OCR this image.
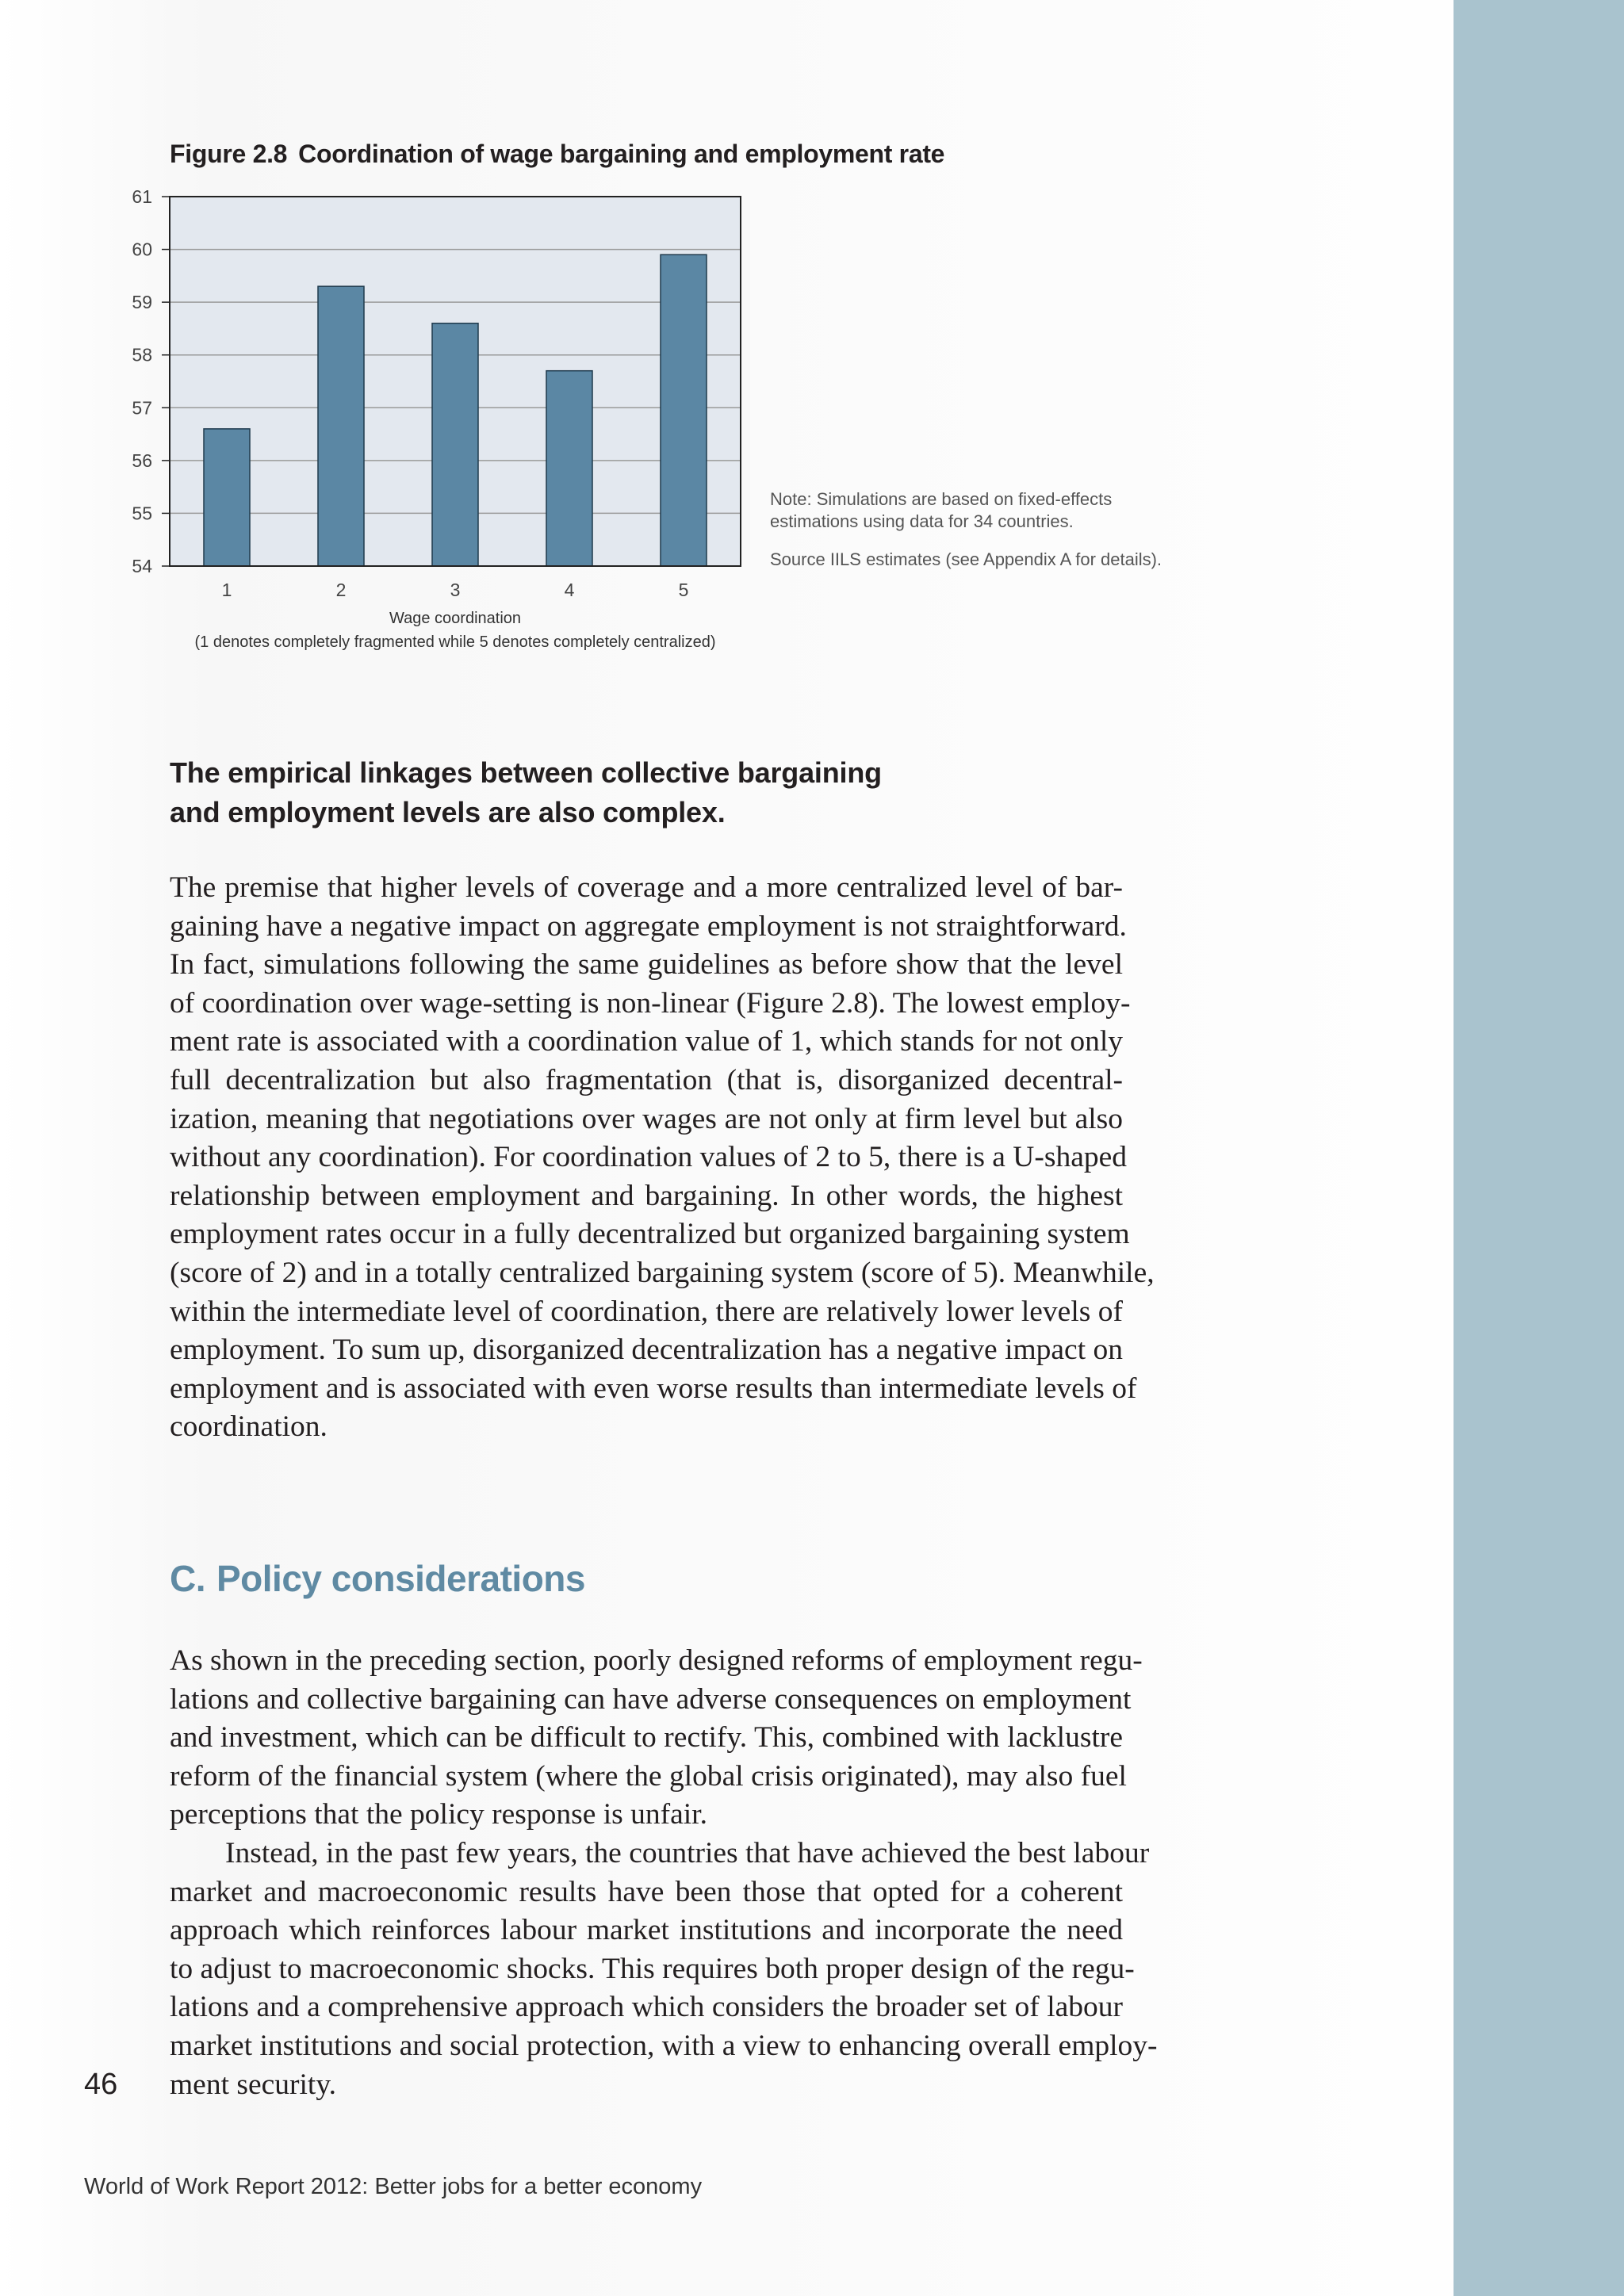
Figure 2.8 Coordination of wage bargaining and employment rate
54
55
56
57
58
59
60
61
1	2	3	4	5
Wage coordination
(1 denotes completely fragmented while 5 denotes completely centralized)

Note: Simulations are based on fixed-effects estimations using data for 34 countries.

Source IILS estimates (see Appendix A for details).

The empirical linkages between collective bargaining
and employment levels are also complex.

The premise that higher levels of coverage and a more centralized level of bar-
gaining have a negative impact on aggregate employment is not straightforward.
In fact, simulations following the same guidelines as before show that the level
of coordination over wage-setting is non-linear (Figure 2.8). The lowest employ-
ment rate is associated with a coordination value of 1, which stands for not only
full decentralization but also fragmentation (that is, disorganized decentral-
ization, meaning that negotiations over wages are not only at firm level but also
without any coordination). For coordination values of 2 to 5, there is a U-shaped
relationship between employment and bargaining. In other words, the highest
employment rates occur in a fully decentralized but organized bargaining system
(score of 2) and in a totally centralized bargaining system (score of 5). Meanwhile,
within the intermediate level of coordination, there are relatively lower levels of
employment. To sum up, disorganized decentralization has a negative impact on
employment and is associated with even worse results than intermediate levels of
coordination.

C. Policy considerations

As shown in the preceding section, poorly designed reforms of employment regu-
lations and collective bargaining can have adverse consequences on employment
and investment, which can be difficult to rectify. This, combined with lacklustre
reform of the financial system (where the global crisis originated), may also fuel
perceptions that the policy response is unfair.
Instead, in the past few years, the countries that have achieved the best labour
market and macroeconomic results have been those that opted for a coherent
approach which reinforces labour market institutions and incorporate the need
to adjust to macroeconomic shocks. This requires both proper design of the regu-
lations and a comprehensive approach which considers the broader set of labour
market institutions and social protection, with a view to enhancing overall employ-
ment security.

46

World of Work Report 2012: Better jobs for a better economy
